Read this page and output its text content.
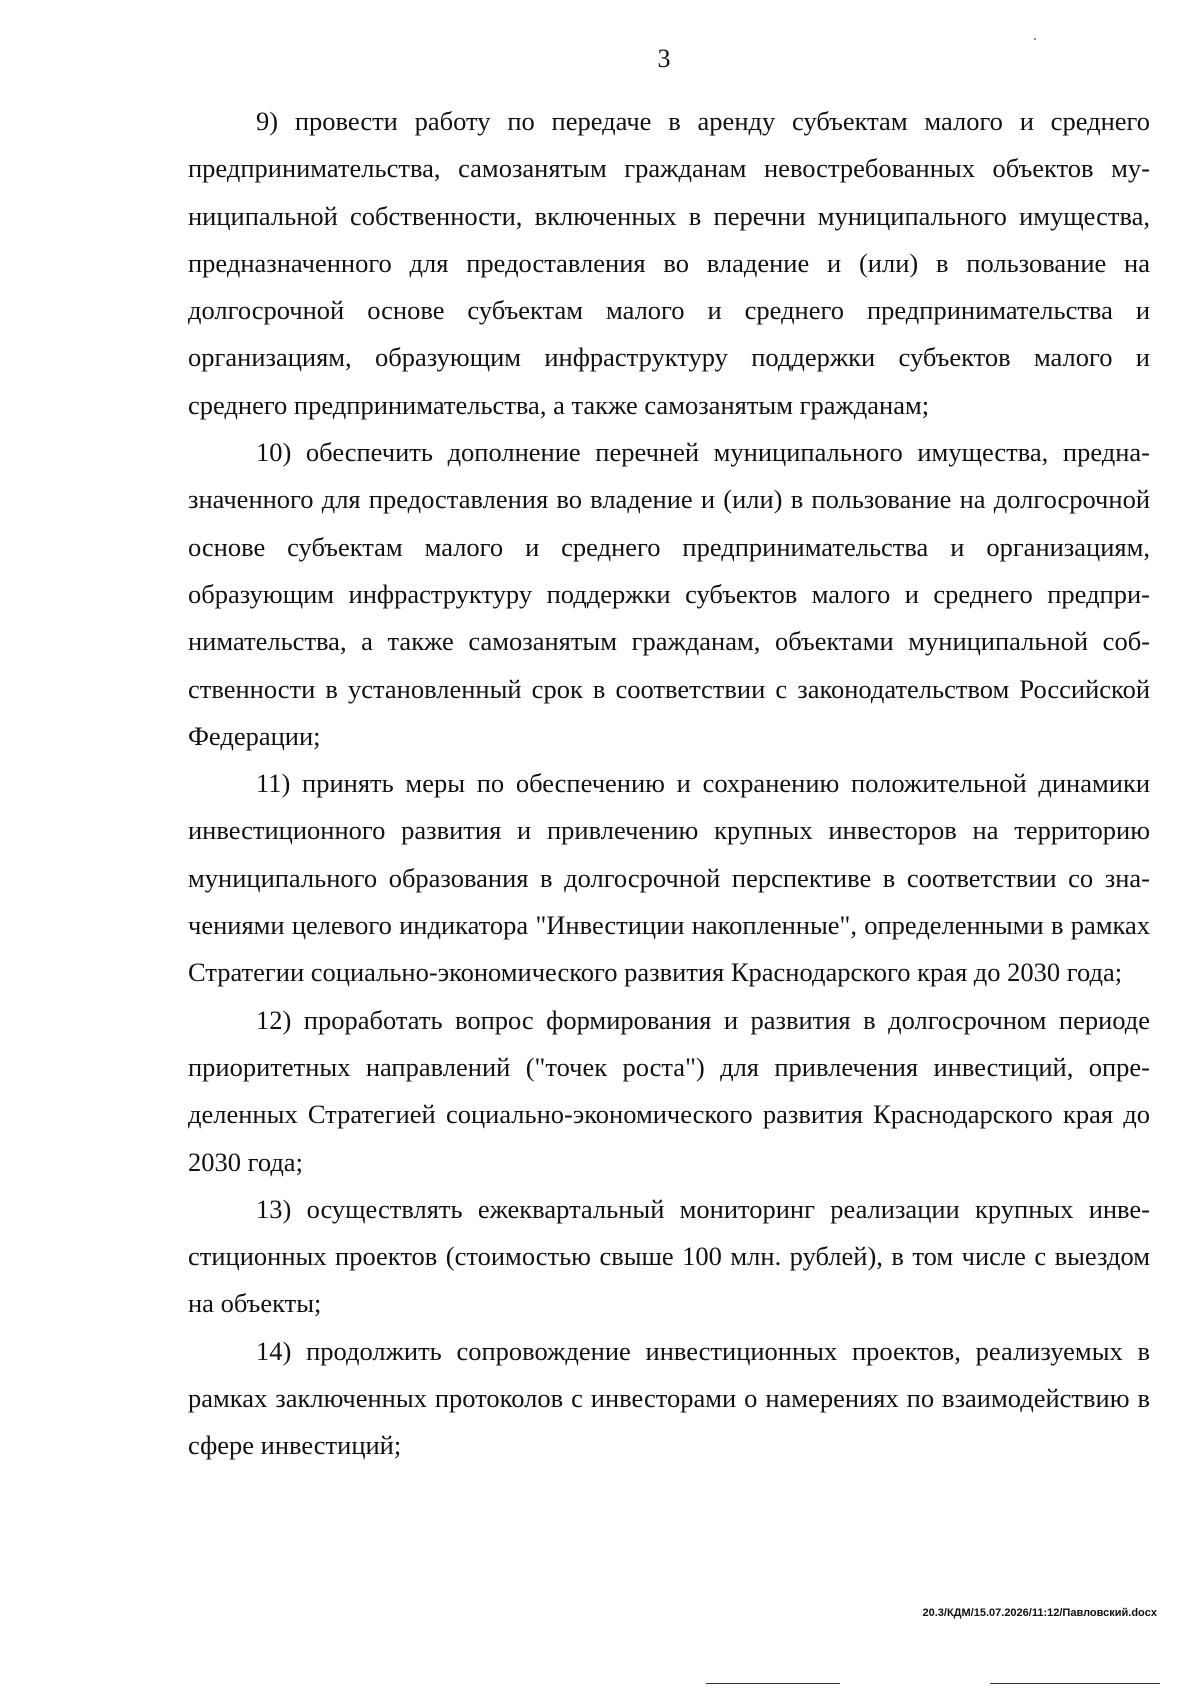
3

9) провести работу по передаче в аренду субъектам малого и среднего предпринимательства, самозанятым гражданам невостребованных объектов муниципальной собственности, включенных в перечни муниципального имущества, предназначенного для предоставления во владение и (или) в пользование на долгосрочной основе субъектам малого и среднего предпринимательства и организациям, образующим инфраструктуру поддержки субъектов малого и среднего предпринимательства, а также самозанятым гражданам;

10) обеспечить дополнение перечней муниципального имущества, предназначенного для предоставления во владение и (или) в пользование на долгосрочной основе субъектам малого и среднего предпринимательства и организациям, образующим инфраструктуру поддержки субъектов малого и среднего предпринимательства, а также самозанятым гражданам, объектами муниципальной собственности в установленный срок в соответствии с законодательством Российской Федерации;

11) принять меры по обеспечению и сохранению положительной динамики инвестиционного развития и привлечению крупных инвесторов на территорию муниципального образования в долгосрочной перспективе в соответствии со значениями целевого индикатора "Инвестиции накопленные", определенными в рамках Стратегии социально-экономического развития Краснодарского края до 2030 года;

12) проработать вопрос формирования и развития в долгосрочном периоде приоритетных направлений ("точек роста") для привлечения инвестиций, определенных Стратегией социально-экономического развития Краснодарского края до 2030 года;

13) осуществлять ежеквартальный мониторинг реализации крупных инвестиционных проектов (стоимостью свыше 100 млн. рублей), в том числе с выездом на объекты;

14) продолжить сопровождение инвестиционных проектов, реализуемых в рамках заключенных протоколов с инвесторами о намерениях по взаимодействию в сфере инвестиций;

20.3/КДМ/15.07.2026/11:12/Павловский.docx
